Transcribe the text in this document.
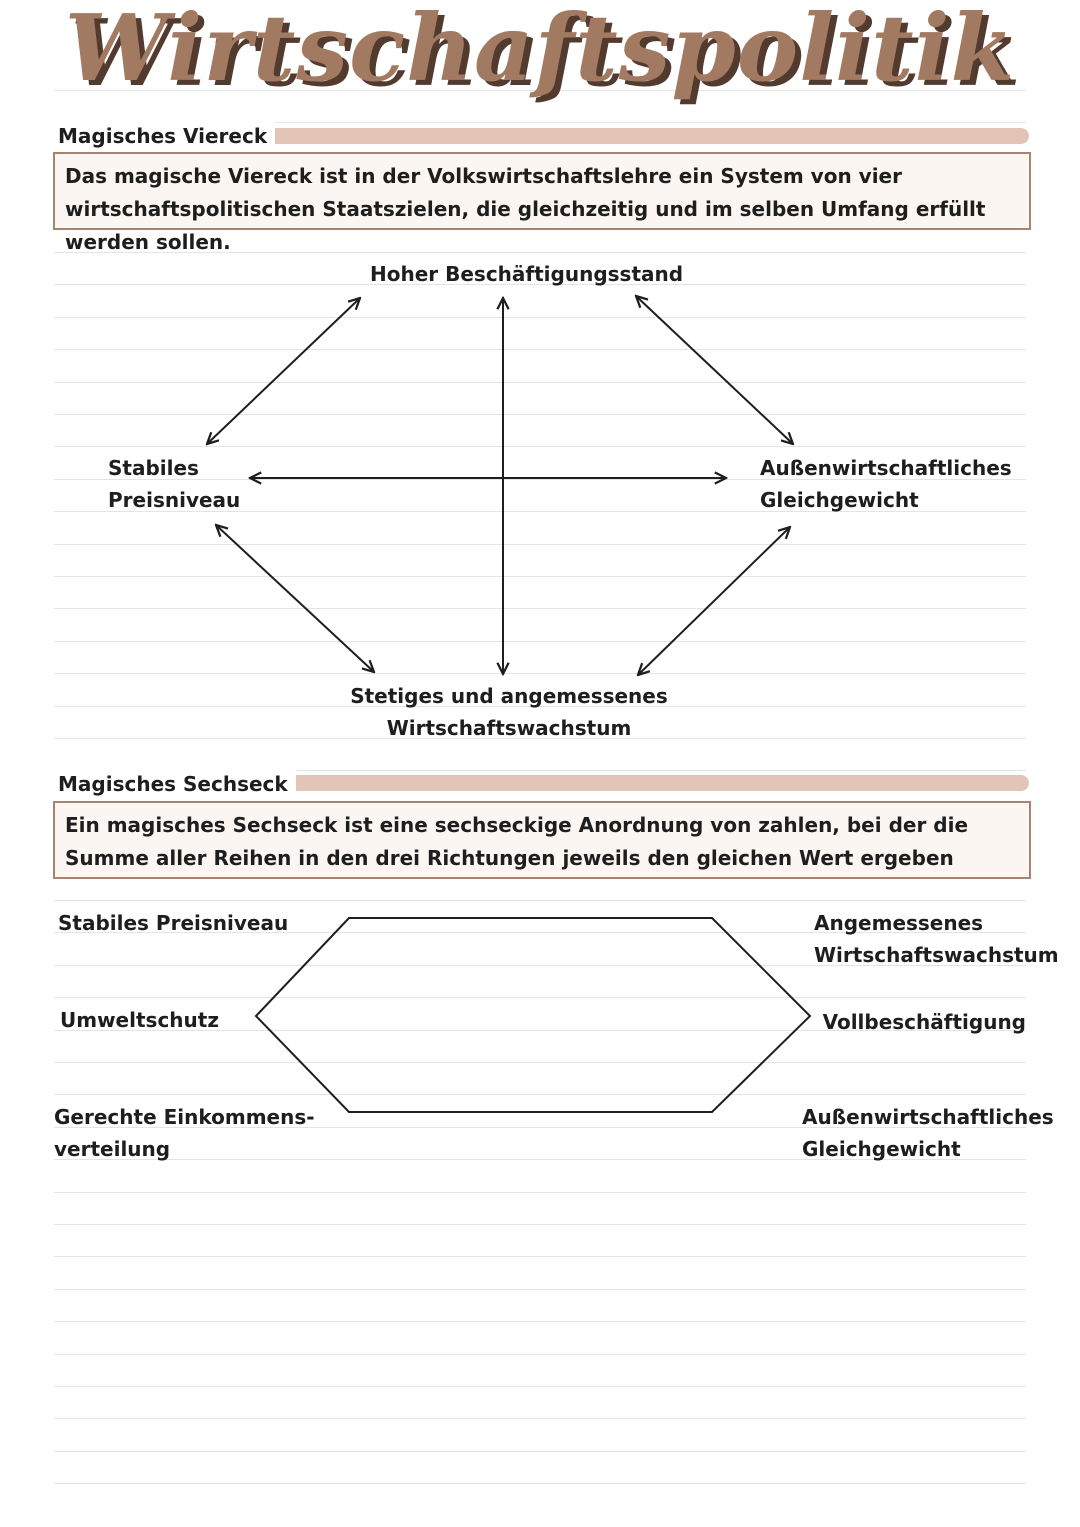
Wirtschaftspolitik
Magisches Viereck
Das magische Viereck ist in der Volkswirtschaftslehre ein System von vier wirtschaftspolitischen Staatszielen, die gleichzeitig und im selben Umfang erfüllt werden sollen.
Hoher Beschäftigungsstand
Stabiles
Preisniveau
Außenwirtschaftliches
Gleichgewicht
Stetiges und angemessenes
Wirtschaftswachstum
Magisches Sechseck
Ein magisches Sechseck ist eine sechseckige Anordnung von zahlen, bei der die Summe aller Reihen in den drei Richtungen jeweils den gleichen Wert ergeben
Stabiles Preisniveau
Umweltschutz
Gerechte Einkommens-
verteilung
Angemessenes
Wirtschaftswachstum
Vollbeschäftigung
Außenwirtschaftliches
Gleichgewicht
